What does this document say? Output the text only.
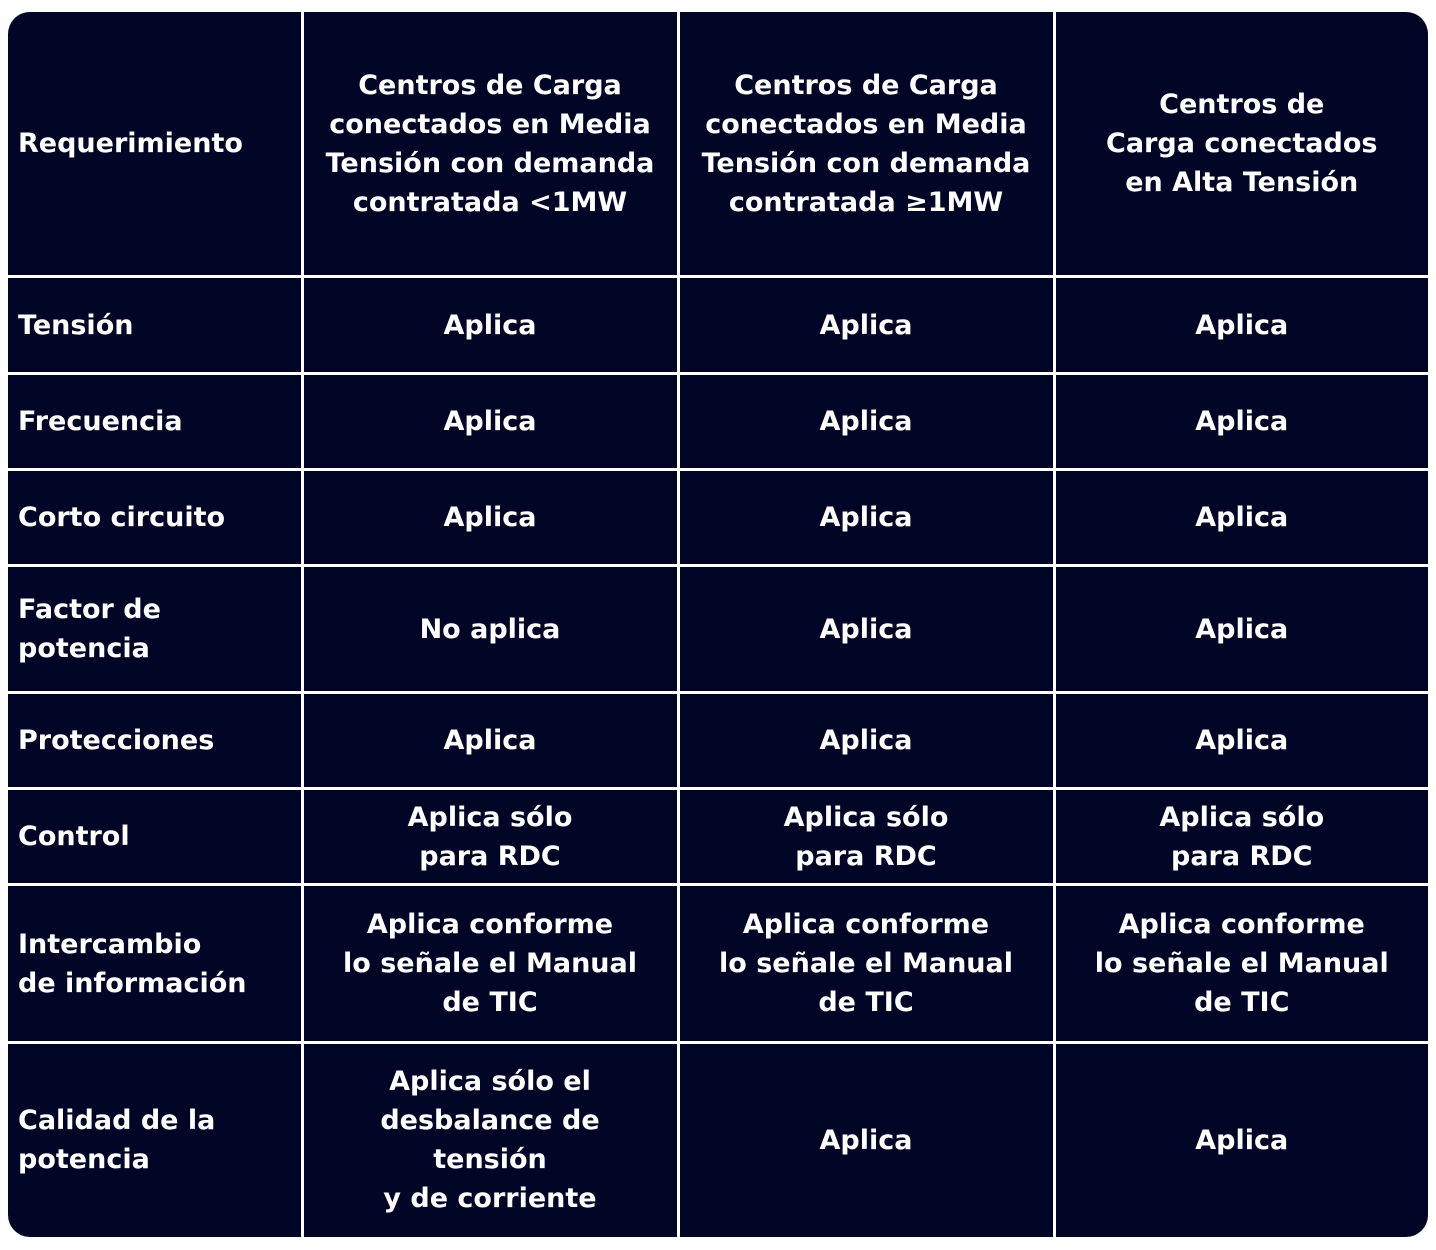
Requerimiento	Centros de Carga
conectados en Media
Tensión con demanda
contratada <1MW	Centros de Carga
conectados en Media
Tensión con demanda
contratada ≥1MW	Centros de
Carga conectados
en Alta Tensión
Tensión	Aplica	Aplica	Aplica
Frecuencia	Aplica	Aplica	Aplica
Corto circuito	Aplica	Aplica	Aplica
Factor de
potencia	No aplica	Aplica	Aplica
Protecciones	Aplica	Aplica	Aplica
Control	Aplica sólo
para RDC	Aplica sólo
para RDC	Aplica sólo
para RDC
Intercambio
de información	Aplica conforme
lo señale el Manual
de TIC	Aplica conforme
lo señale el Manual
de TIC	Aplica conforme
lo señale el Manual
de TIC
Calidad de la
potencia	Aplica sólo el
desbalance de
tensión
y de corriente	Aplica	Aplica
